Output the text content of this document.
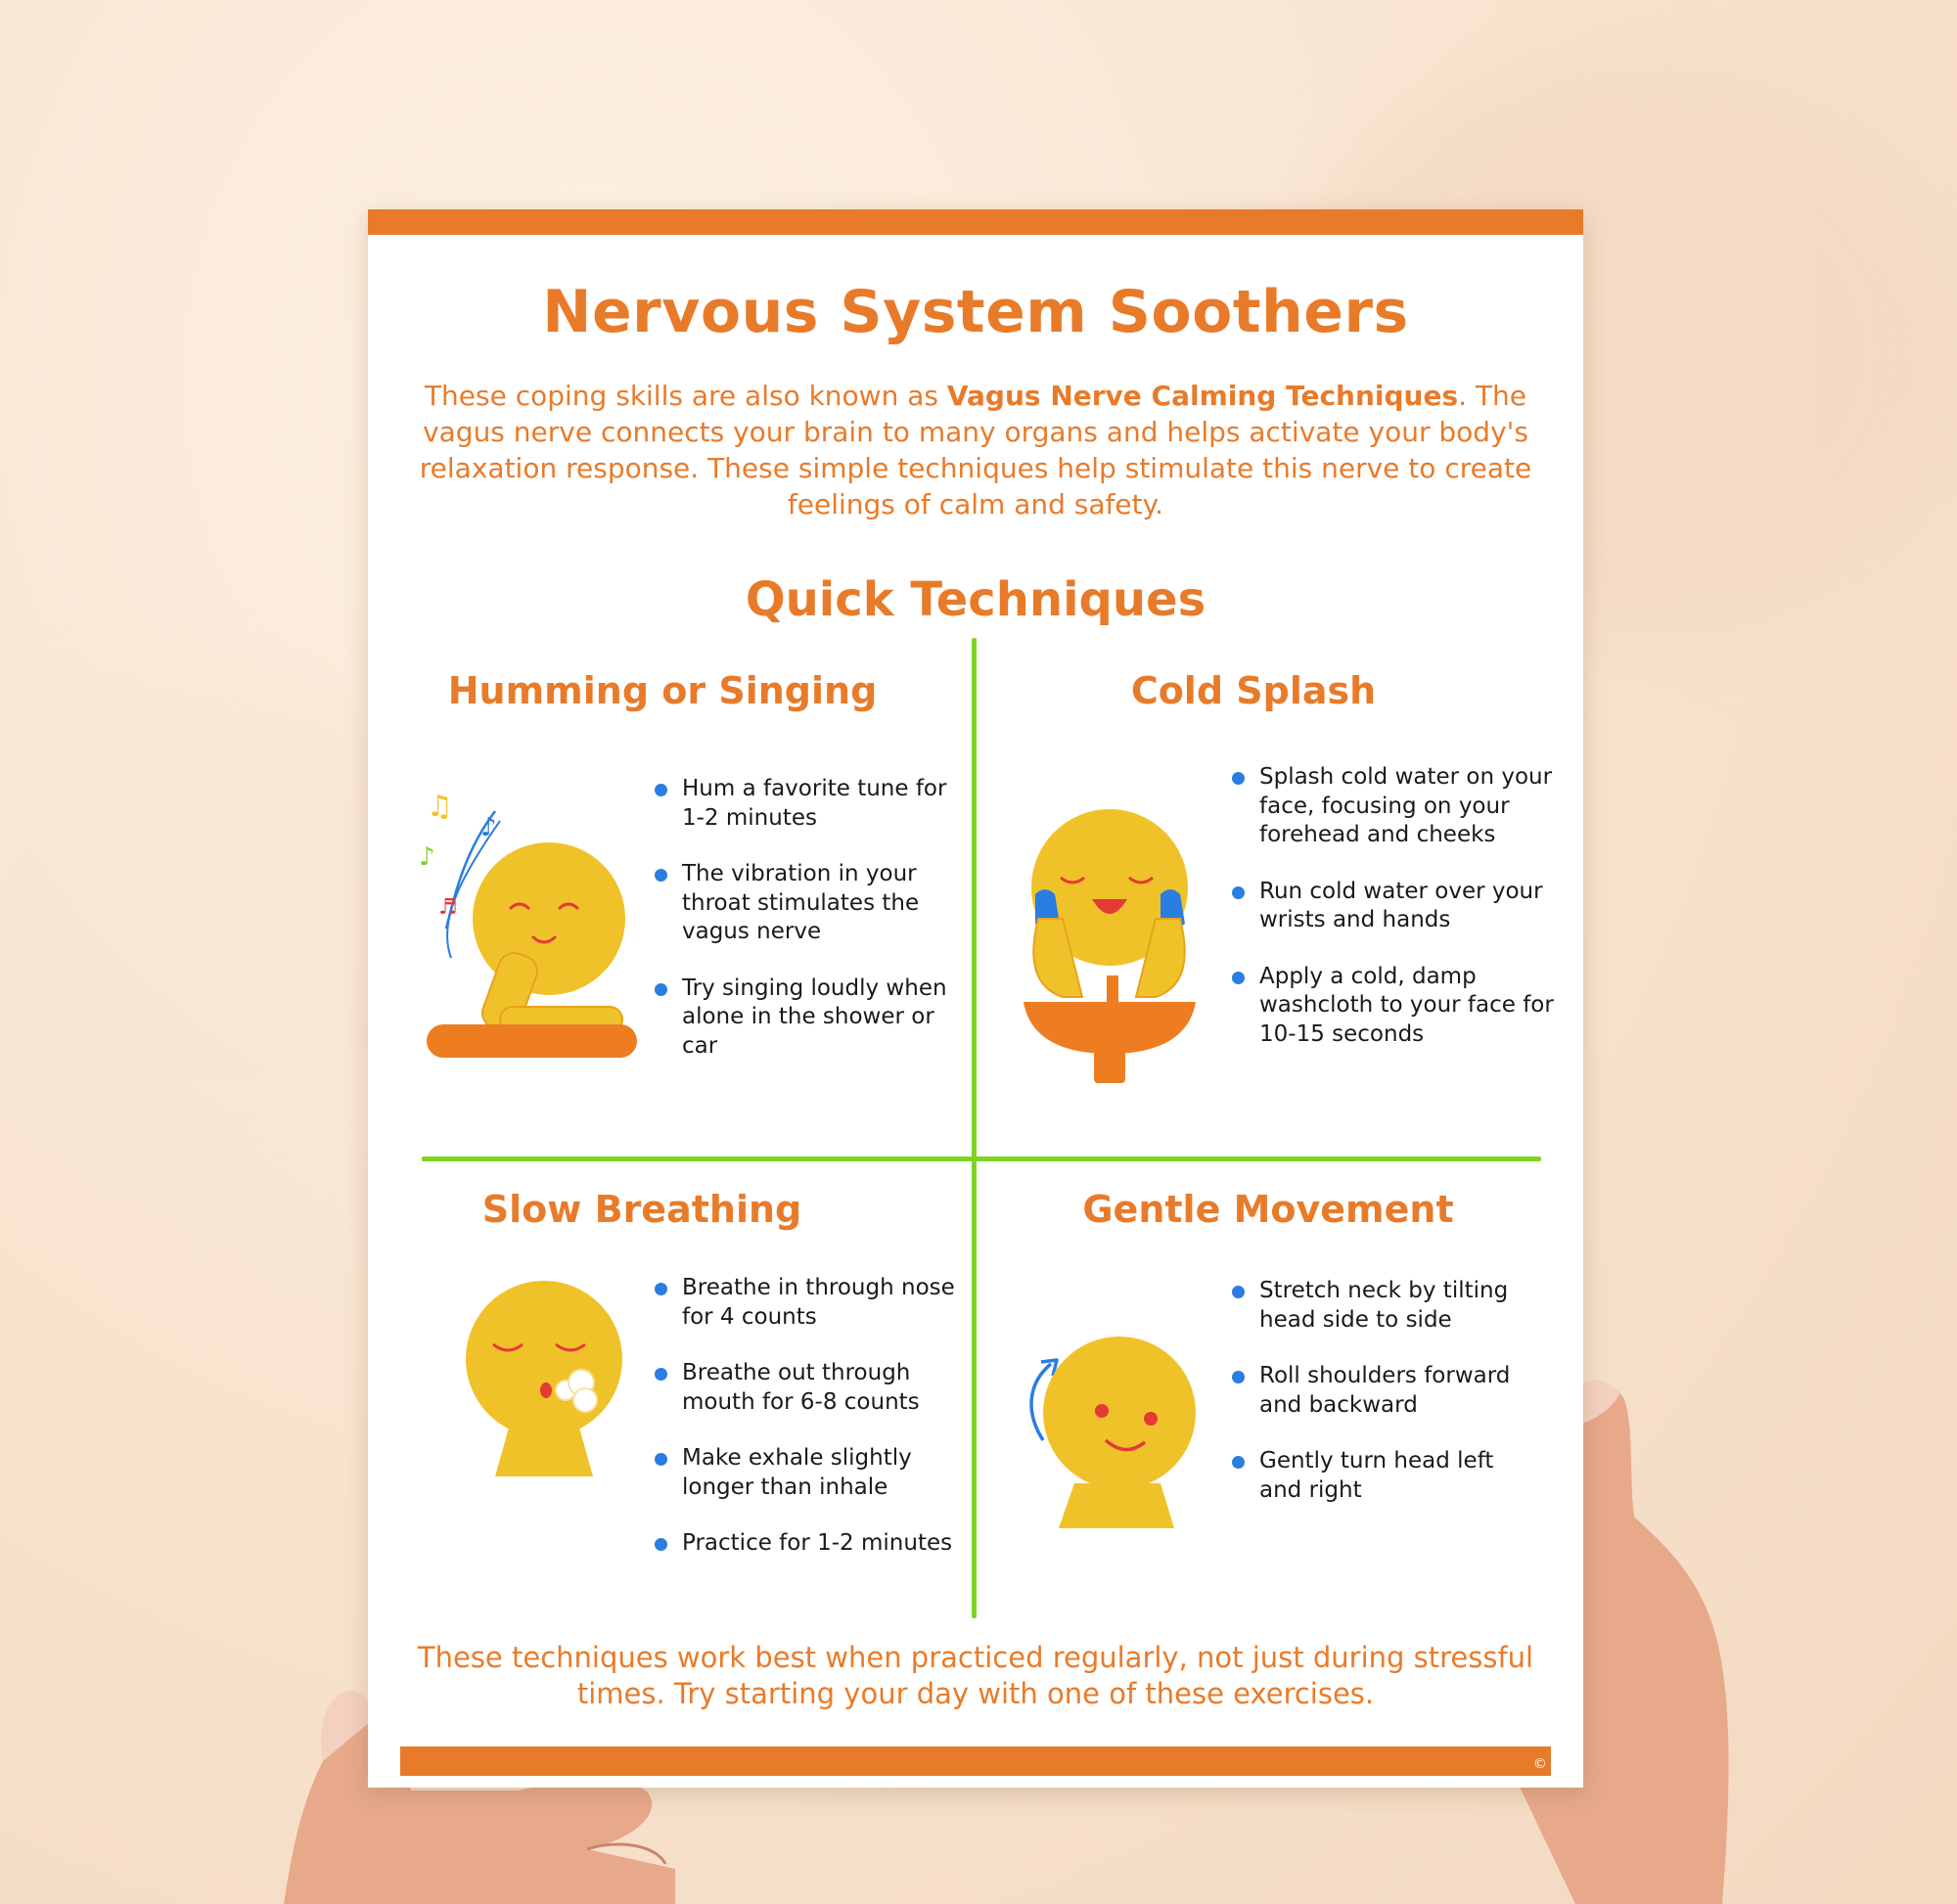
Nervous System Soothers
These coping skills are also known as Vagus Nerve Calming Techniques. The vagus nerve connects your brain to many organs and helps activate your body's relaxation response. These simple techniques help stimulate this nerve to create feelings of calm and safety.
Quick Techniques
Humming or Singing
♫
♪
♪
♬
Hum a favorite tune for 1-2 minutes
The vibration in your throat stimulates the vagus nerve
Try singing loudly when alone in the shower or car
Cold Splash
Splash cold water on your face, focusing on your forehead and cheeks
Run cold water over your wrists and hands
Apply a cold, damp washcloth to your face for 10-15 seconds
Slow Breathing
Breathe in through nose for 4 counts
Breathe out through mouth for 6-8 counts
Make exhale slightly longer than inhale
Practice for 1-2 minutes
Gentle Movement
Stretch neck by tilting head side to side
Roll shoulders forward and backward
Gently turn head left and right
These techniques work best when practiced regularly, not just during stressful times. Try starting your day with one of these exercises.
© 202
